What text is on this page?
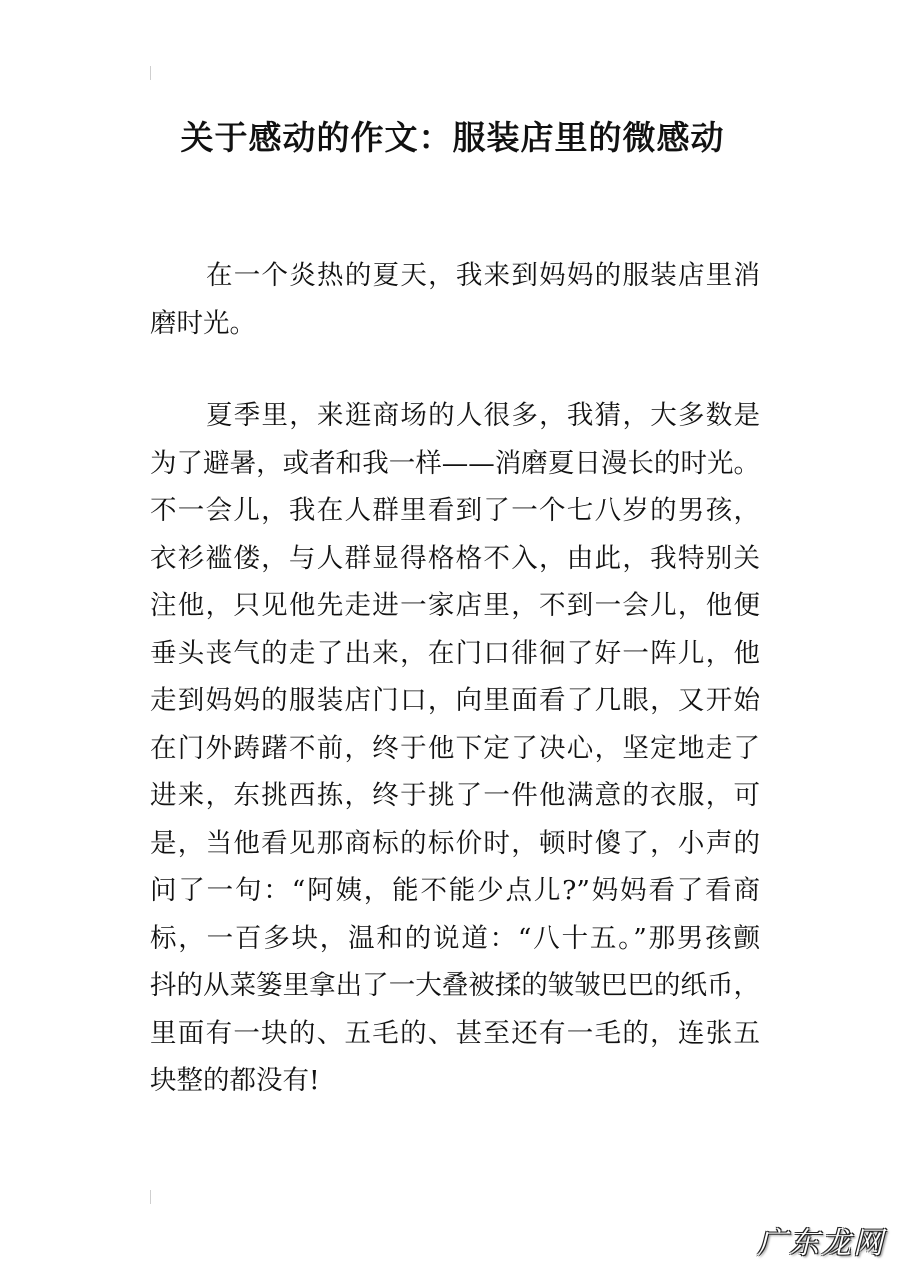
关于感动的作文：服装店里的微感动

在一个炎热的夏天，我来到妈妈的服装店里消
磨时光。

夏季里，来逛商场的人很多，我猜，大多数是
为了避暑，或者和我一样——消磨夏日漫长的时光。
不一会儿，我在人群里看到了一个七八岁的男孩，
衣衫褴偻，与人群显得格格不入，由此，我特别关
注他，只见他先走进一家店里，不到一会儿，他便
垂头丧气的走了出来，在门口徘徊了好一阵儿，他
走到妈妈的服装店门口，向里面看了几眼，又开始
在门外踌躇不前，终于他下定了决心，坚定地走了
进来，东挑西拣，终于挑了一件他满意的衣服，可
是，当他看见那商标的标价时，顿时傻了，小声的
问了一句：“阿姨，能不能少点儿?”妈妈看了看商
标，一百多块，温和的说道：“八十五。”那男孩颤
抖的从菜篓里拿出了一大叠被揉的皱皱巴巴的纸币，
里面有一块的、五毛的、甚至还有一毛的，连张五
块整的都没有!

广东龙网
